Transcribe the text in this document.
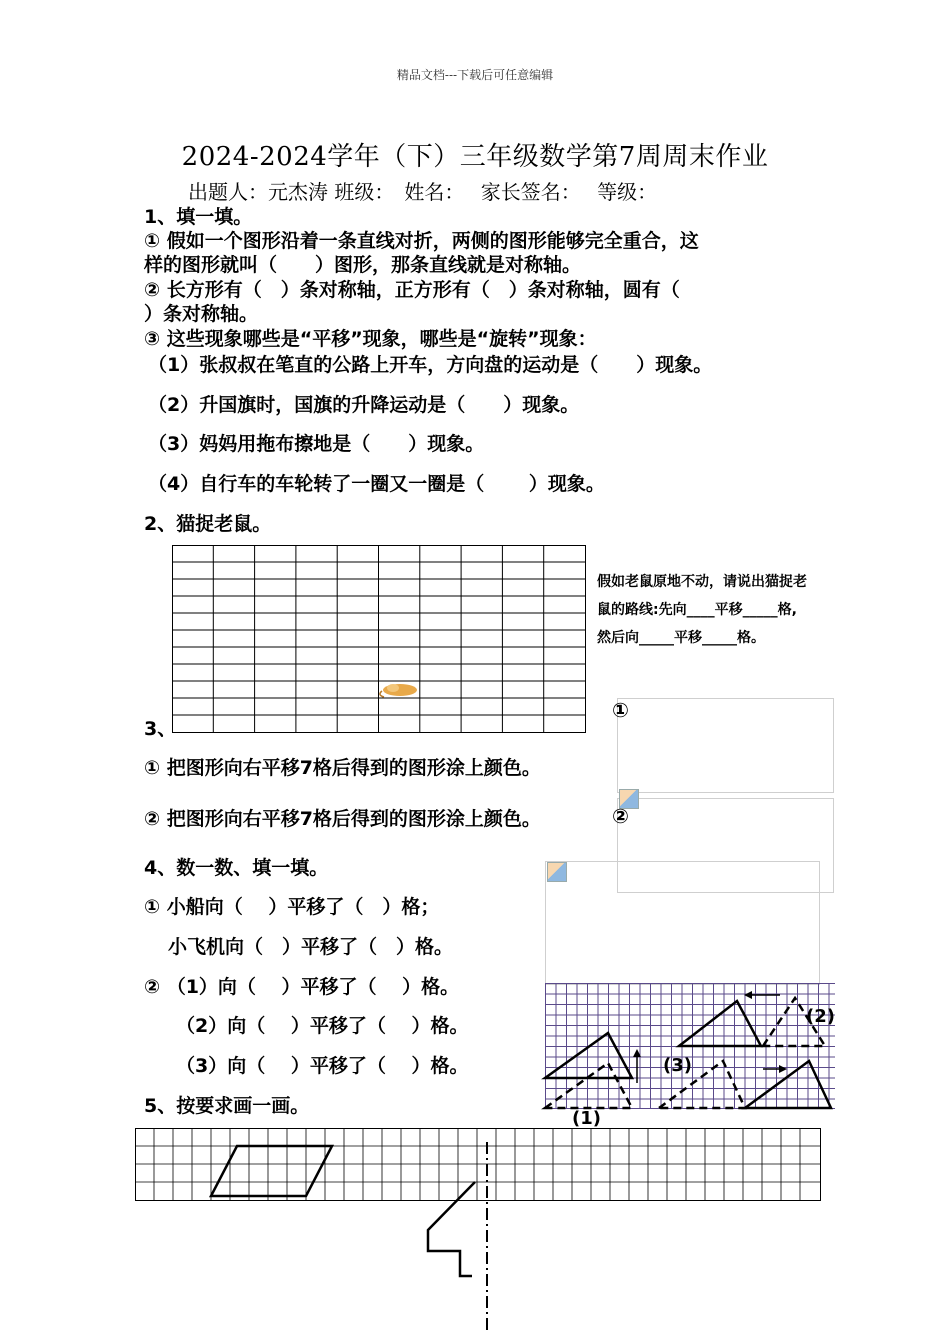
精品文档---下载后可任意编辑
2024-2024学年（下）三年级数学第7周周末作业
出题人：元杰涛 班级：　姓名：　 家长签名：　 等级：
1、填一填。
① 假如一个图形沿着一条直线对折，两侧的图形能够完全重合，这
样的图形就叫（　　）图形，那条直线就是对称轴。
② 长方形有（　）条对称轴，正方形有（　）条对称轴，圆有（
）条对称轴。
③ 这些现象哪些是“平移”现象，哪些是“旋转”现象：
（1）张叔叔在笔直的公路上开车，方向盘的运动是（　　）现象。
（2）升国旗时，国旗的升降运动是（　　）现象。
（3）妈妈用拖布擦地是（　　）现象。
（4）自行车的车轮转了一圈又一圈是（　　 ）现象。
2、猫捉老鼠。
假如老鼠原地不动，请说出猫捉老
鼠的路线:先向____平移_____格,
然后向_____平移_____格。
3、
① 把图形向右平移7格后得到的图形涂上颜色。
② 把图形向右平移7格后得到的图形涂上颜色。
①
②
4、数一数、填一填。
① 小船向（　 ）平移了（　）格；
小飞机向（　）平移了（　）格。
② （1）向（　 ）平移了（　 ）格。
（2）向（　 ）平移了（　 ）格。
（3）向（　 ）平移了（　 ）格。
(2)
(3)
(1)
5、按要求画一画。
